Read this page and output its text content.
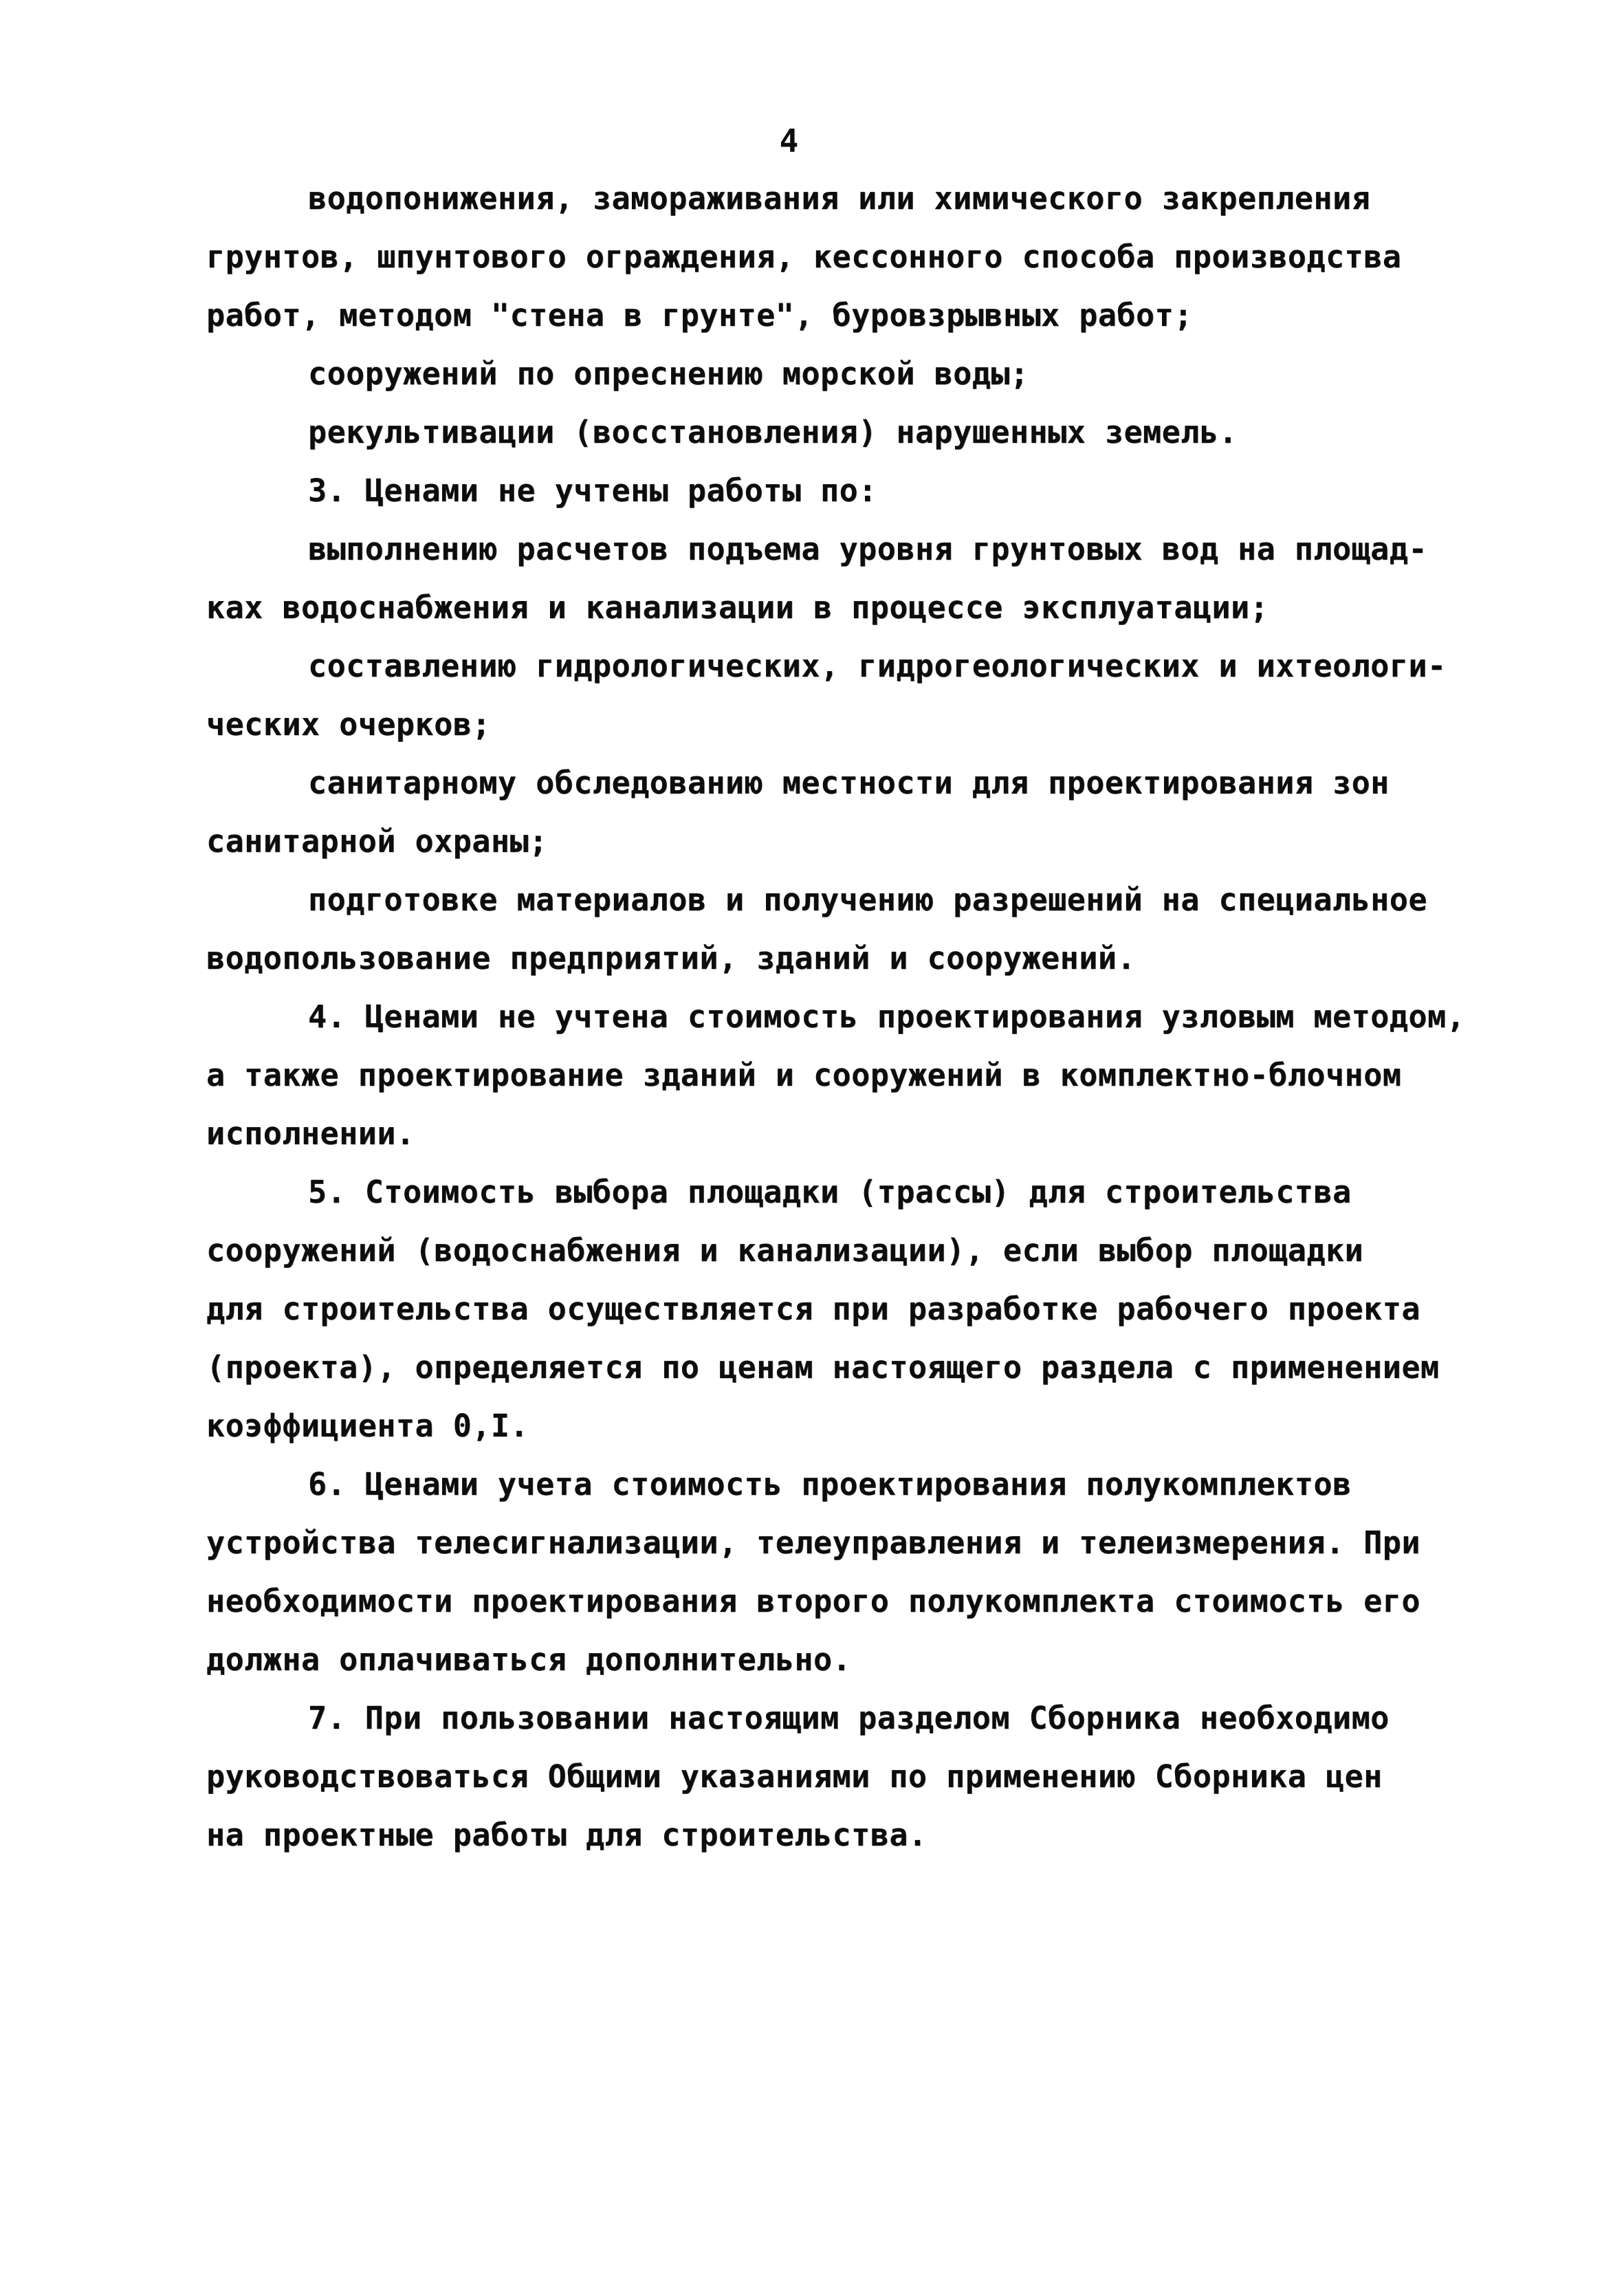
4
водопонижения, замораживания или химического закрепления
грунтов, шпунтового ограждения, кессонного способа производства
работ, методом "стена в грунте", буровзрывных работ;
сооружений по опреснению морской воды;
рекультивации (восстановления) нарушенных земель.
3. Ценами не учтены работы по:
выполнению расчетов подъема уровня грунтовых вод на площад-
ках водоснабжения и канализации в процессе эксплуатации;
составлению гидрологических, гидрогеологических и ихтеологи-
ческих очерков;
санитарному обследованию местности для проектирования зон
санитарной охраны;
подготовке материалов и получению разрешений на специальное
водопользование предприятий, зданий и сооружений.
4. Ценами не учтена стоимость проектирования узловым методом,
а также проектирование зданий и сооружений в комплектно-блочном
исполнении.
5. Стоимость выбора площадки (трассы) для строительства
сооружений (водоснабжения и канализации), если выбор площадки
для строительства осуществляется при разработке рабочего проекта
(проекта), определяется по ценам настоящего раздела с применением
коэффициента 0,I.
6. Ценами учета стоимость проектирования полукомплектов
устройства телесигнализации, телеуправления и телеизмерения. При
необходимости проектирования второго полукомплекта стоимость его
должна оплачиваться дополнительно.
7. При пользовании настоящим разделом Сборника необходимо
руководствоваться Общими указаниями по применению Сборника цен
на проектные работы для строительства.
